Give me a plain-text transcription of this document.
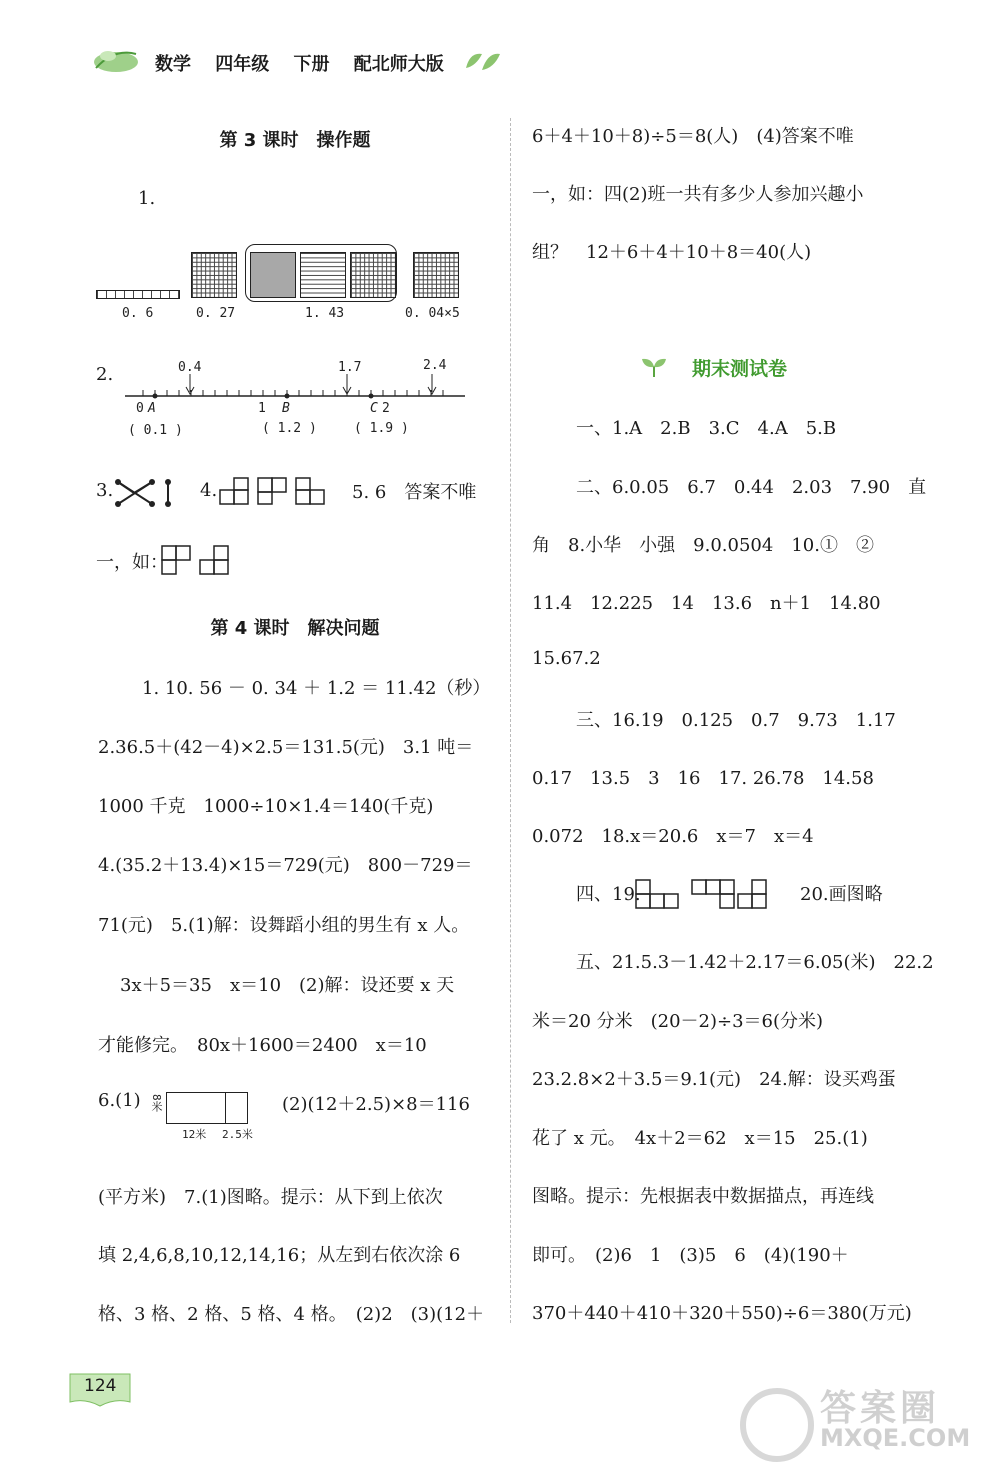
数学 四年级 下册 配北师大版
第 3 课时　操作题
1.
0. 6	0. 27	1. 43	0. 04×5
2.	0.4	1.7	2.4
0 A	1 B	C 2
( 0.1 )	( 1.2 )	( 1.9 )
3.	4.	5. 6　答案不唯
一，如：
第 4 课时　解决问题
1. 10. 56 － 0. 34 ＋ 1.2 ＝ 11.42（秒）
2.36.5＋(42－4)×2.5＝131.5(元)　3.1 吨＝
1000 千克　1000÷10×1.4＝140(千克)
4.(35.2＋13.4)×15＝729(元)　800－729＝
71(元)　5.(1)解：设舞蹈小组的男生有 x 人。
3x＋5＝35　x＝10　(2)解：设还要 x 天
才能修完。　80x＋1600＝2400　x＝10
6.(1) 8米
12米 2.5米
(2)(12＋2.5)×8＝116
(平方米)　7.(1)图略。提示：从下到上依次
填 2,4,6,8,10,12,14,16；从左到右依次涂 6
格、3 格、2 格、5 格、4 格。　(2)2　(3)(12＋
6＋4＋10＋8)÷5＝8(人)　(4)答案不唯
一，如：四(2)班一共有多少人参加兴趣小
组？　12＋6＋4＋10＋8＝40(人)
期末测试卷
一、1.A　2.B　3.C　4.A　5.B
二、6.0.05　6.7　0.44　2.03　7.90　直
角　8.小华　小强　9.0.0504　10.①　②
11.4　12.225　14　13.6　n＋1　14.80
15.67.2
三、16.19　0.125　0.7　9.73　1.17
0.17　13.5　3　16　17. 26.78　14.58
0.072　18.x＝20.6　x＝7　x＝4
四、19.	20.画图略
五、21.5.3－1.42＋2.17＝6.05(米)　22.2
米＝20 分米　(20－2)÷3＝6(分米)
23.2.8×2＋3.5＝9.1(元)　24.解：设买鸡蛋
花了 x 元。　4x＋2＝62　x＝15　25.(1)
图略。提示：先根据表中数据描点，再连线
即可。　(2)6　1　(3)5　6　(4)(190＋
370＋440＋410＋320＋550)÷6＝380(万元)
124
答案圈
MXQE.COM
